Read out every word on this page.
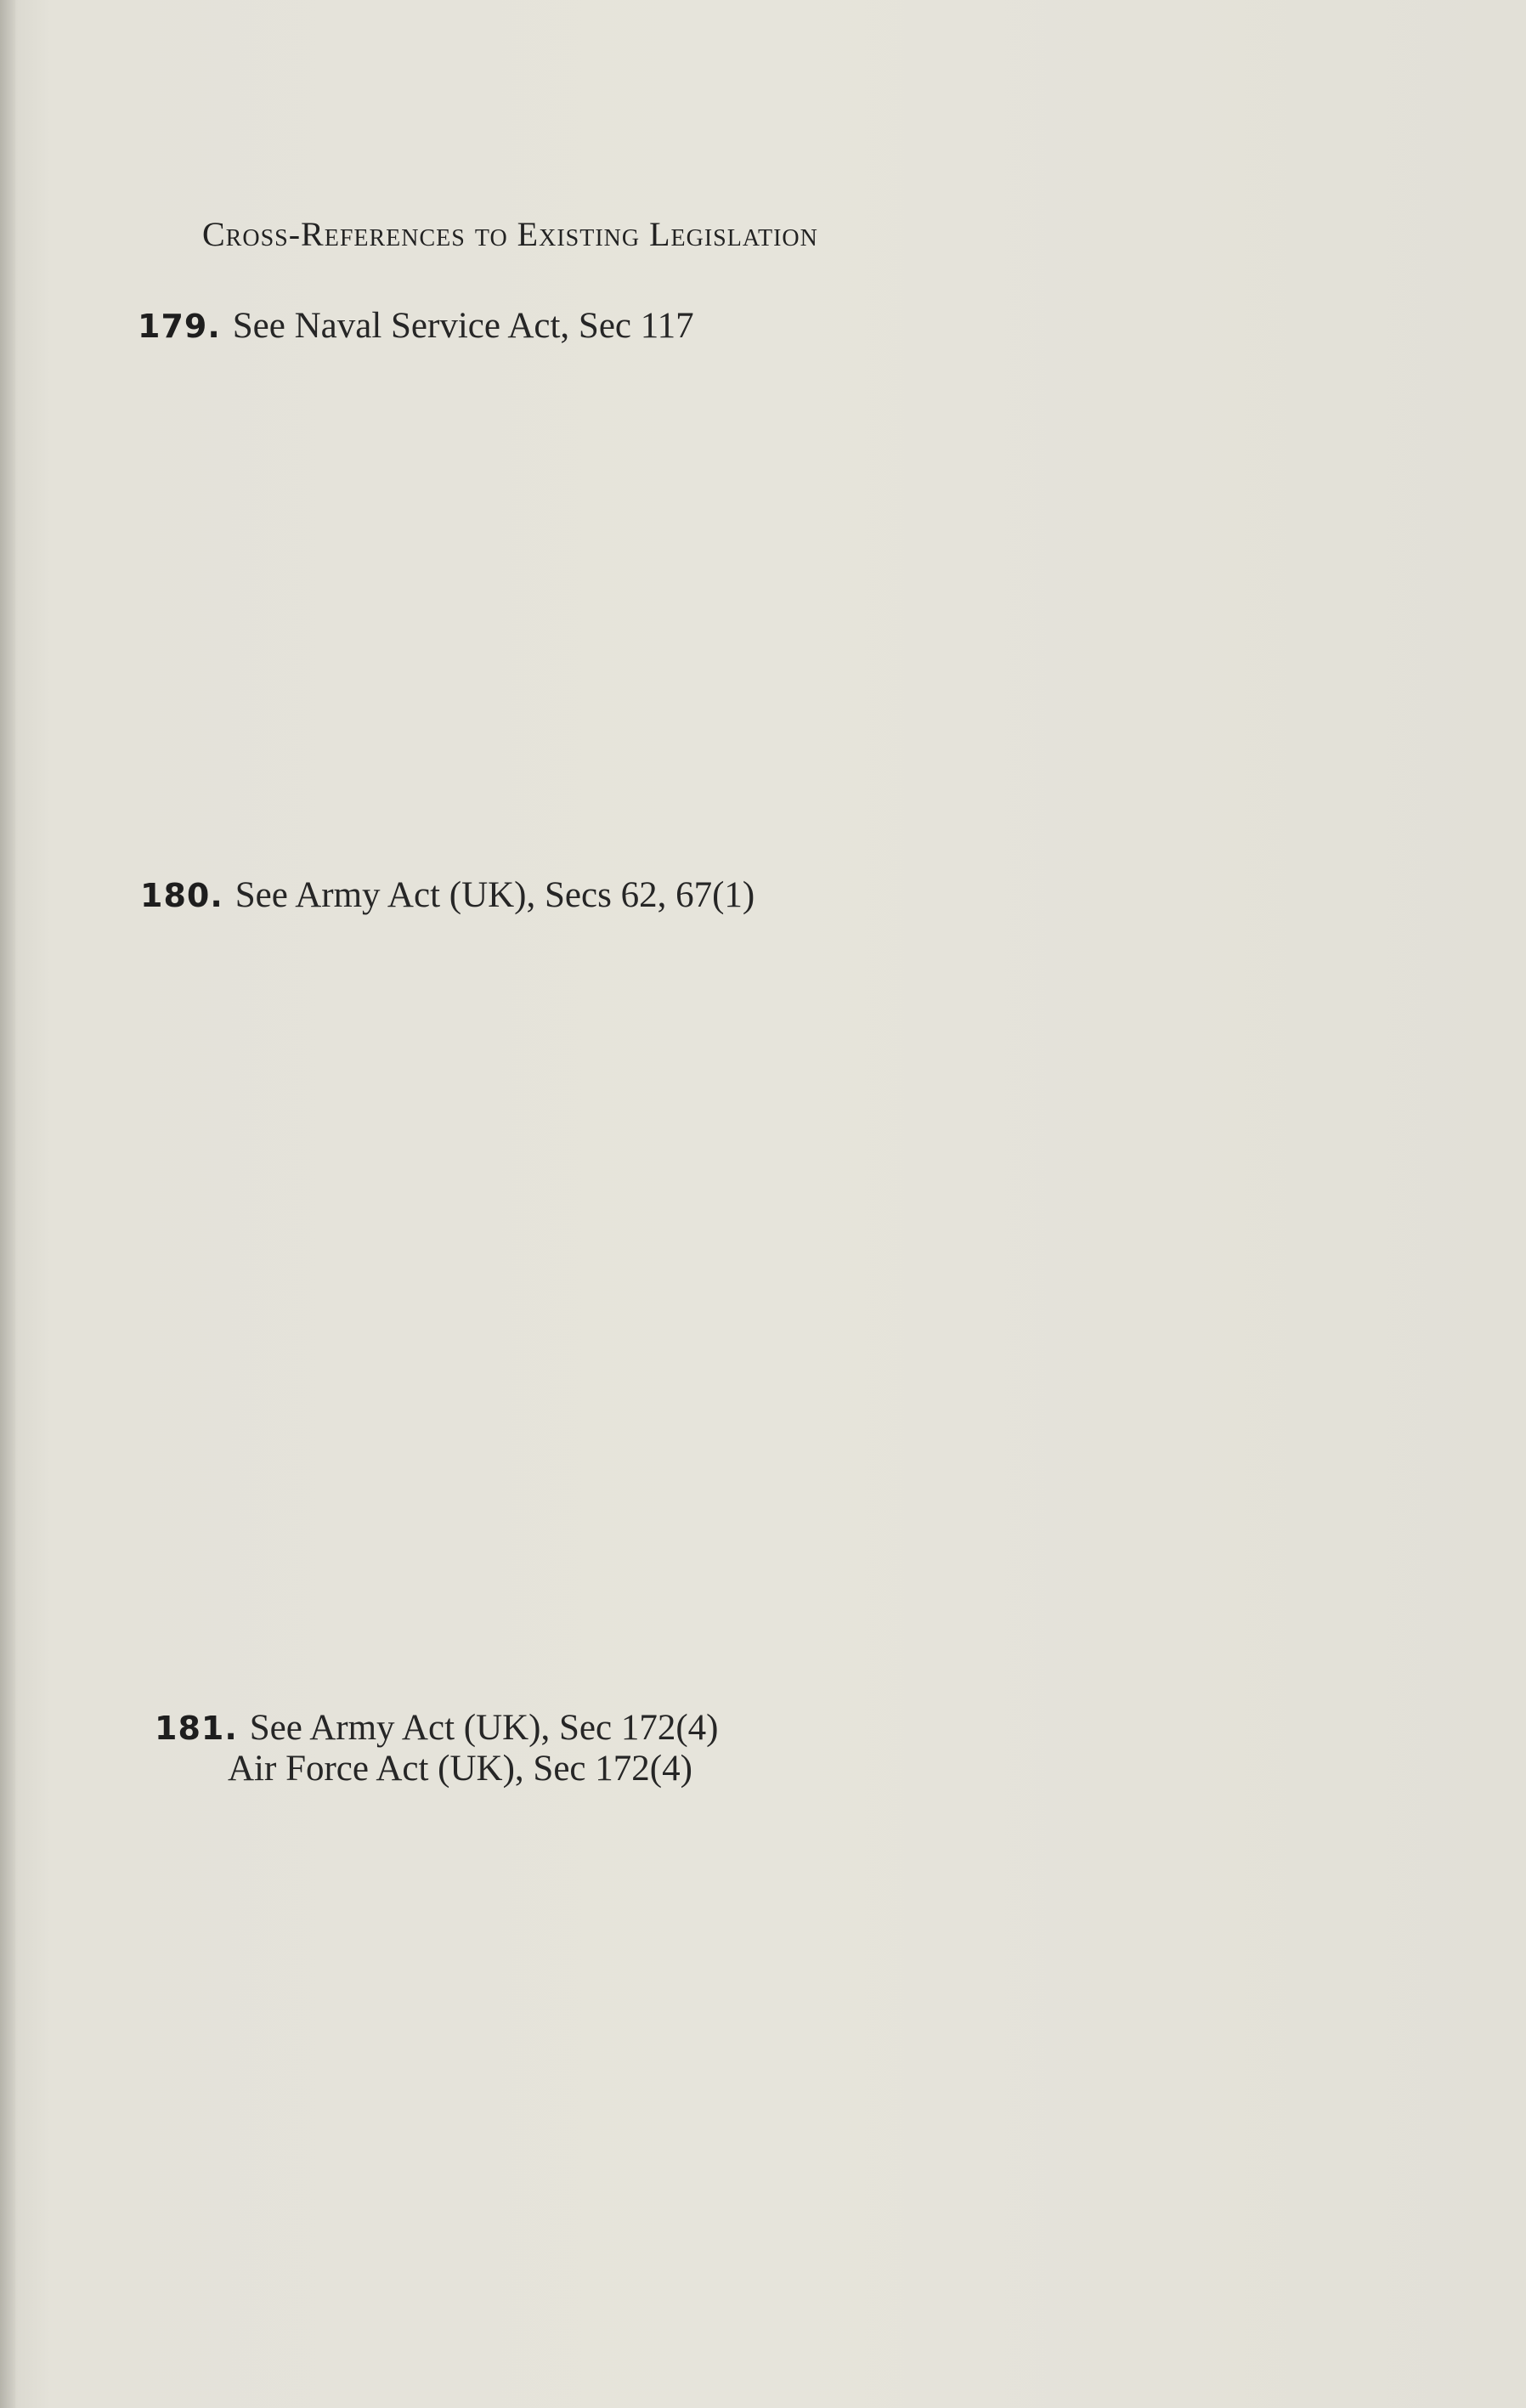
Cross-References to Existing Legislation
179. See Naval Service Act, Sec 117
180. See Army Act (UK), Secs 62, 67(1)
181. See Army Act (UK), Sec 172(4)
Air Force Act (UK), Sec 172(4)
